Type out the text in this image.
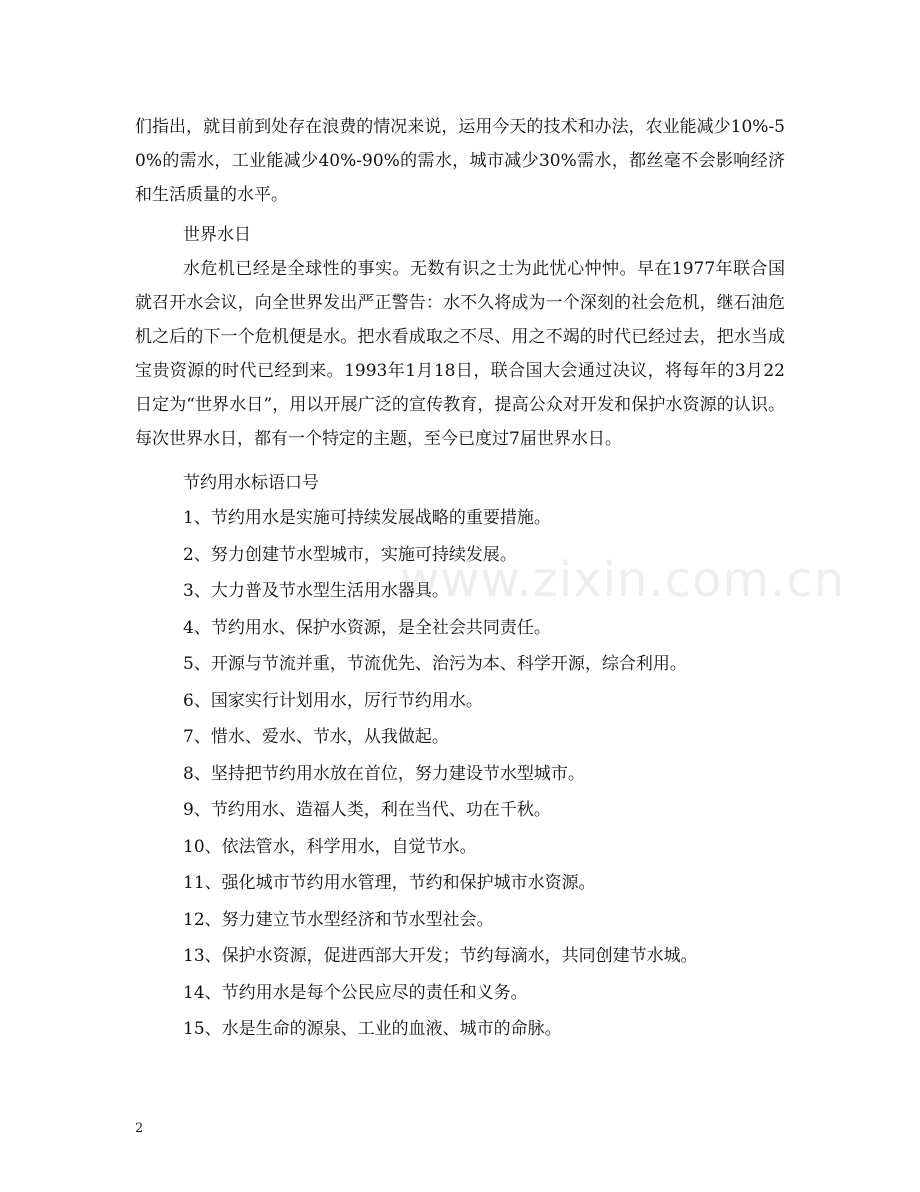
www.zixin.com.cn

们指出，就目前到处存在浪费的情况来说，运用今天的技术和办法，农业能减少10%-50%的需水，工业能减少40%-90%的需水，城市减少30%需水，都丝毫不会影响经济和生活质量的水平。

世界水日

水危机已经是全球性的事实。无数有识之士为此忧心忡忡。早在1977年联合国就召开水会议，向全世界发出严正警告：水不久将成为一个深刻的社会危机，继石油危机之后的下一个危机便是水。把水看成取之不尽、用之不竭的时代已经过去，把水当成宝贵资源的时代已经到来。1993年1月18日，联合国大会通过决议，将每年的3月22日定为“世界水日”，用以开展广泛的宣传教育，提高公众对开发和保护水资源的认识。每次世界水日，都有一个特定的主题，至今已度过7届世界水日。

节约用水标语口号

1、节约用水是实施可持续发展战略的重要措施。
2、努力创建节水型城市，实施可持续发展。
3、大力普及节水型生活用水器具。
4、节约用水、保护水资源，是全社会共同责任。
5、开源与节流并重，节流优先、治污为本、科学开源，综合利用。
6、国家实行计划用水，厉行节约用水。
7、惜水、爱水、节水，从我做起。
8、坚持把节约用水放在首位，努力建设节水型城市。
9、节约用水、造福人类，利在当代、功在千秋。
10、依法管水，科学用水，自觉节水。
11、强化城市节约用水管理，节约和保护城市水资源。
12、努力建立节水型经济和节水型社会。
13、保护水资源，促进西部大开发；节约每滴水，共同创建节水城。
14、节约用水是每个公民应尽的责任和义务。
15、水是生命的源泉、工业的血液、城市的命脉。
2
